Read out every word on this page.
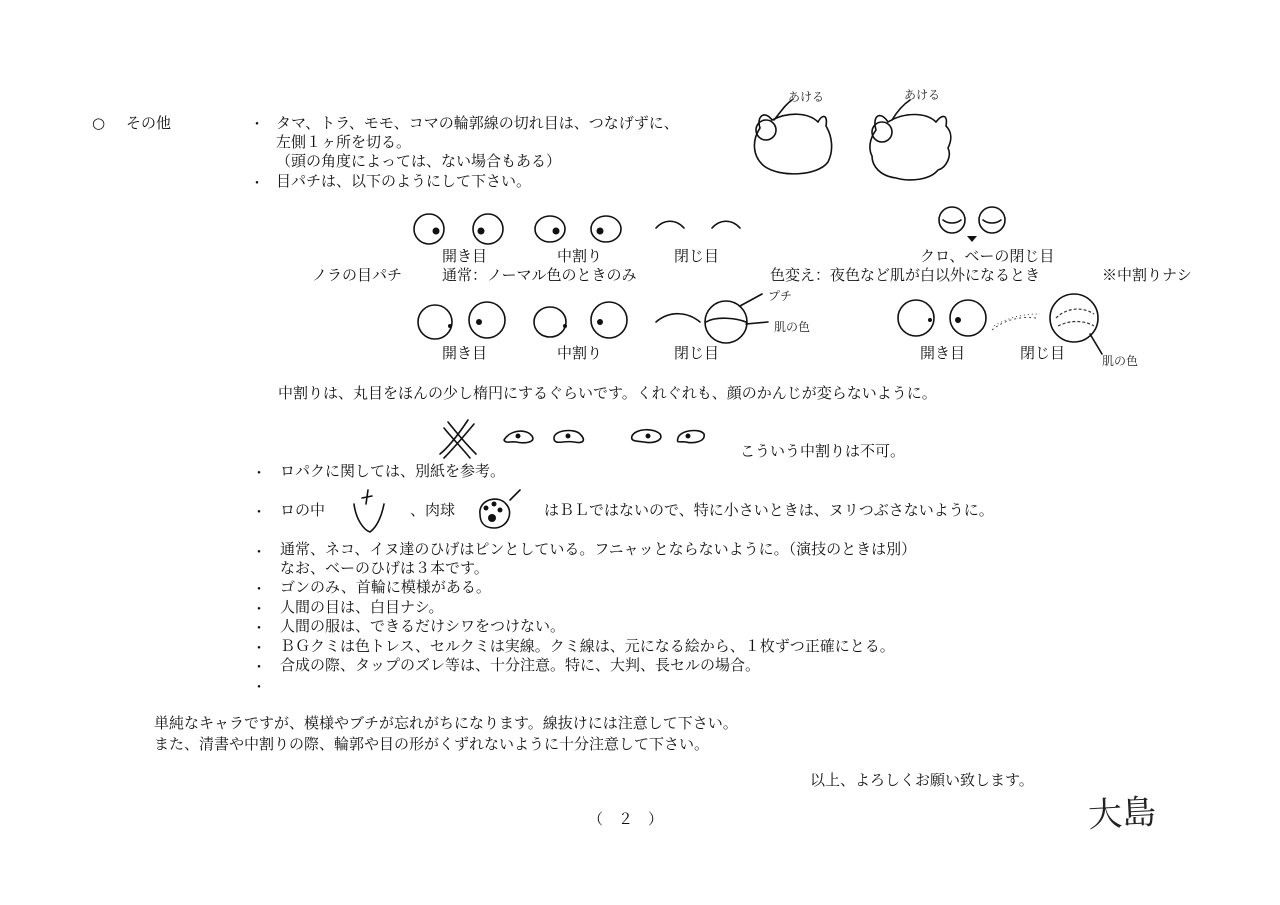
○ その他	・ タマ、トラ、モモ、コマの輪郭線の切れ目は、つなげずに、
左側１ヶ所を切る。
（頭の角度によっては、ない場合もある）
・ 目パチは、以下のようにして下さい。
あける	あける
開き目	中割り	閉じ目	クロ、ベーの閉じ目
ノラの目パチ	通常：ノーマル色のときのみ	色変え：夜色など肌が白以外になるとき	※中割りナシ
プチ
肌の色
肌の色
開き目	中割り	閉じ目	開き目	閉じ目
中割りは、丸目をほんの少し楕円にするぐらいです。くれぐれも、顔のかんじが変らないように。
こういう中割りは不可。
・ ロパクに関しては、別紙を参考。
・ ロの中	、肉球	はＢＬではないので、特に小さいときは、ヌリつぶさないように。
・ 通常、ネコ、イヌ達のひげはピンとしている。フニャッとならないように。（演技のときは別）
なお、ベーのひげは３本です。
・ ゴンのみ、首輪に模様がある。
・ 人間の目は、白目ナシ。
・ 人間の服は、できるだけシワをつけない。
・ ＢＧクミは色トレス、セルクミは実線。クミ線は、元になる絵から、１枚ずつ正確にとる。
・ 合成の際、タップのズレ等は、十分注意。特に、大判、長セルの場合。
・
単純なキャラですが、模様やブチが忘れがちになります。線抜けには注意して下さい。
また、清書や中割りの際、輪郭や目の形がくずれないように十分注意して下さい。
以上、よろしくお願い致します。
大島
（　２　）
